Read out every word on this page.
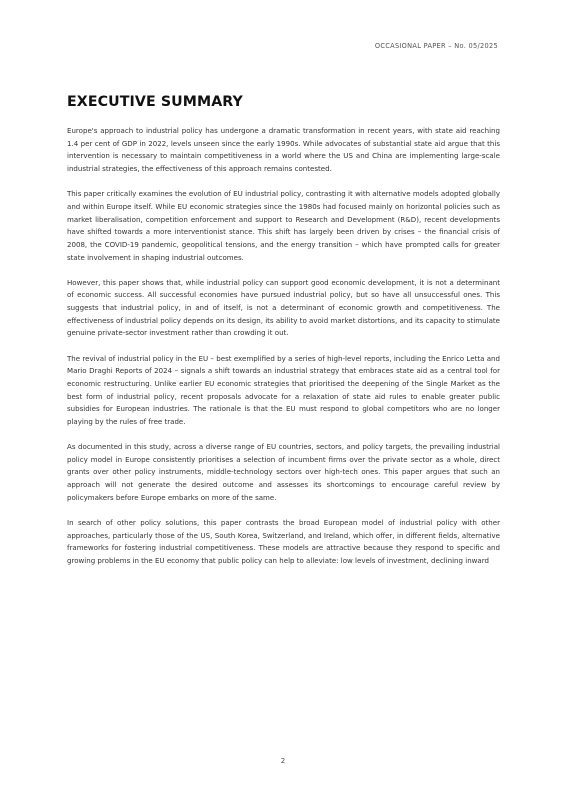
OCCASIONAL PAPER – No. 05/2025
EXECUTIVE SUMMARY

Europe's approach to industrial policy has undergone a dramatic transformation in recent years, with state aid reaching 1.4 per cent of GDP in 2022, levels unseen since the early 1990s. While advocates of substantial state aid argue that this intervention is necessary to maintain competitiveness in a world where the US and China are implementing large-scale industrial strategies, the effectiveness of this approach remains contested.

This paper critically examines the evolution of EU industrial policy, contrasting it with alternative models adopted globally and within Europe itself. While EU economic strategies since the 1980s had focused mainly on horizontal policies such as market liberalisation, competition enforcement and support to Research and Development (R&D), recent developments have shifted towards a more interventionist stance. This shift has largely been driven by crises – the financial crisis of 2008, the COVID-19 pandemic, geopolitical tensions, and the energy transition – which have prompted calls for greater state involvement in shaping industrial outcomes.

However, this paper shows that, while industrial policy can support good economic development, it is not a determinant of economic success. All successful economies have pursued industrial policy, but so have all unsuccessful ones. This suggests that industrial policy, in and of itself, is not a determinant of economic growth and competitiveness. The effectiveness of industrial policy depends on its design, its ability to avoid market distortions, and its capacity to stimulate genuine private-sector investment rather than crowding it out.

The revival of industrial policy in the EU – best exemplified by a series of high-level reports, including the Enrico Letta and Mario Draghi Reports of 2024 – signals a shift towards an industrial strategy that embraces state aid as a central tool for economic restructuring. Unlike earlier EU economic strategies that prioritised the deepening of the Single Market as the best form of industrial policy, recent proposals advocate for a relaxation of state aid rules to enable greater public subsidies for European industries. The rationale is that the EU must respond to global competitors who are no longer playing by the rules of free trade.

As documented in this study, across a diverse range of EU countries, sectors, and policy targets, the prevailing industrial policy model in Europe consistently prioritises a selection of incumbent firms over the private sector as a whole, direct grants over other policy instruments, middle-technology sectors over high-tech ones. This paper argues that such an approach will not generate the desired outcome and assesses its shortcomings to encourage careful review by policymakers before Europe embarks on more of the same.

In search of other policy solutions, this paper contrasts the broad European model of industrial policy with other approaches, particularly those of the US, South Korea, Switzerland, and Ireland, which offer, in different fields, alternative frameworks for fostering industrial competitiveness. These models are attractive because they respond to specific and growing problems in the EU economy that public policy can help to alleviate: low levels of investment, declining inward

2
